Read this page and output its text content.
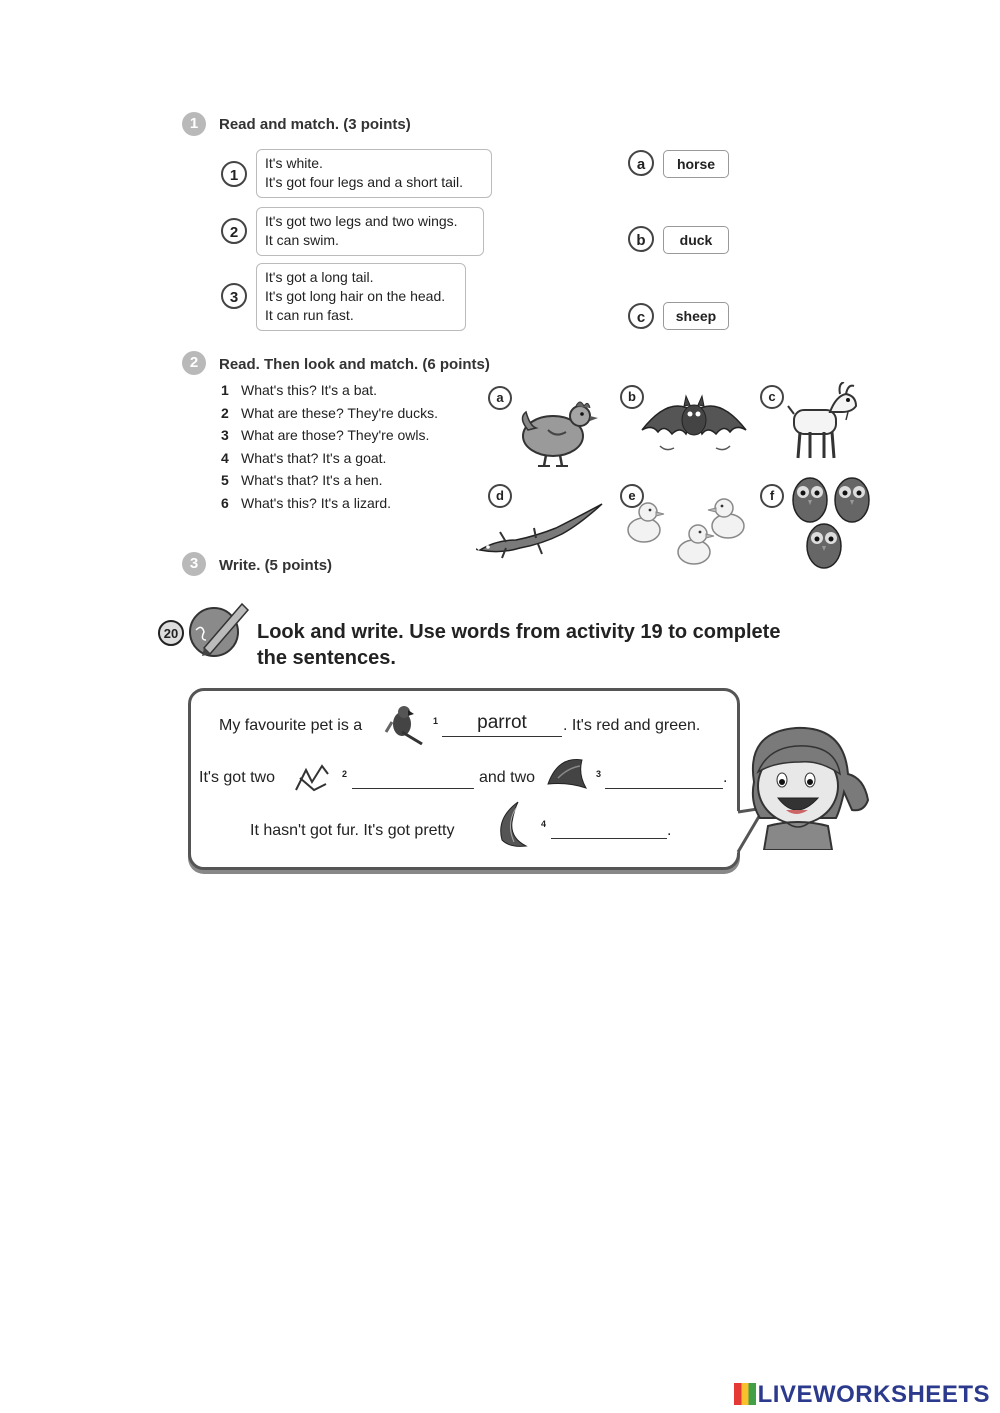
1	Read and match. (3 points)
1
It's white.
It's got four legs and a short tail.
2
It's got two legs and two wings.
It can swim.
3
It's got a long tail.
It's got long hair on the head.
It can run fast.
a	horse
b	duck
c	sheep
2	Read. Then look and match. (6 points)
1 What's this? It's a bat.
2 What are these? They're ducks.
3 What are those? They're owls.
4 What's that? It's a goat.
5 What's that? It's a hen.
6 What's this? It's a lizard.
a	b	c
d	e	f
3	Write. (5 points)
20	Look and write. Use words from activity 19 to complete
the sentences.
My favourite pet is a	1	parrot	. It's red and green.
It's got two	2	and two	3	.
It hasn't got fur. It's got pretty	4	.
LIVEWORKSHEETS
